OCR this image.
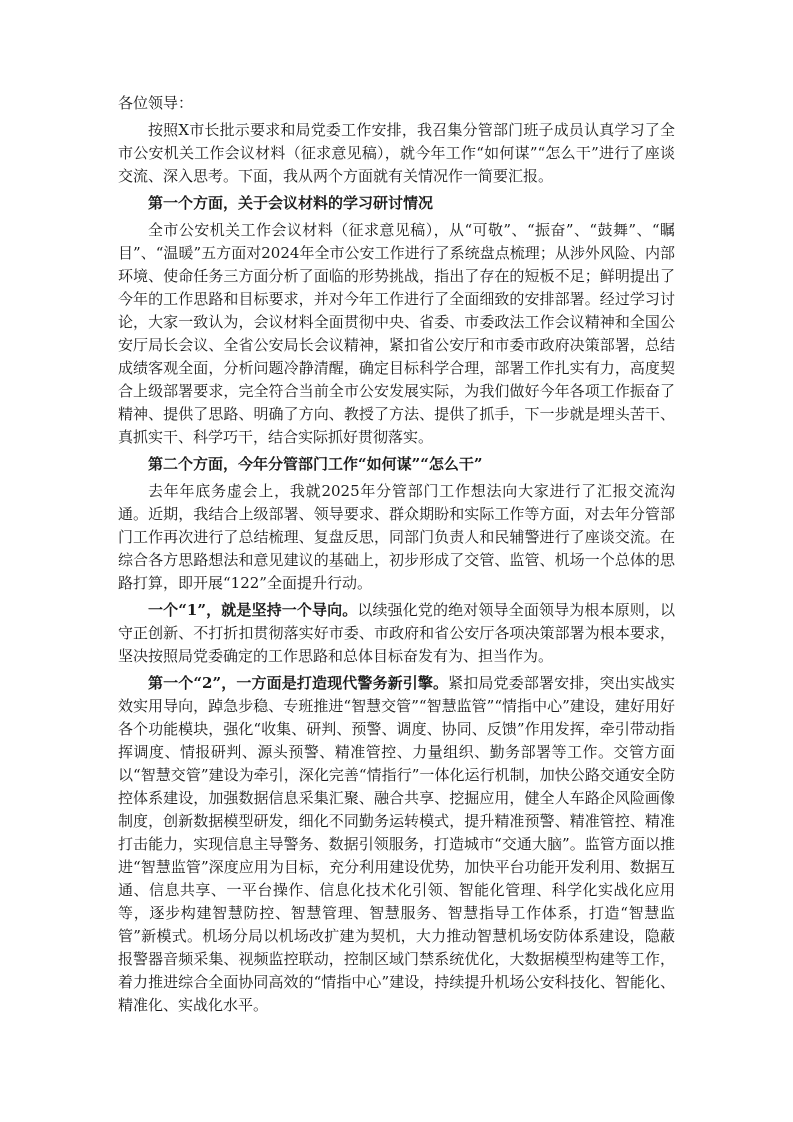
各位领导：

按照X市长批示要求和局党委工作安排，我召集分管部门班子成员认真学习了全市公安机关工作会议材料（征求意见稿），就今年工作“如何谋”“怎么干”进行了座谈交流、深入思考。下面，我从两个方面就有关情况作一简要汇报。

第一个方面，关于会议材料的学习研讨情况

全市公安机关工作会议材料（征求意见稿），从“可敬”、“振奋”、“鼓舞”、“瞩目”、“温暖”五方面对2024年全市公安工作进行了系统盘点梳理；从涉外风险、内部环境、使命任务三方面分析了面临的形势挑战，指出了存在的短板不足；鲜明提出了今年的工作思路和目标要求，并对今年工作进行了全面细致的安排部署。经过学习讨论，大家一致认为，会议材料全面贯彻中央、省委、市委政法工作会议精神和全国公安厅局长会议、全省公安局长会议精神，紧扣省公安厅和市委市政府决策部署，总结成绩客观全面，分析问题冷静清醒，确定目标科学合理，部署工作扎实有力，高度契合上级部署要求，完全符合当前全市公安发展实际，为我们做好今年各项工作振奋了精神、提供了思路、明确了方向、教授了方法、提供了抓手，下一步就是埋头苦干、真抓实干、科学巧干，结合实际抓好贯彻落实。

第二个方面，今年分管部门工作“如何谋”“怎么干”

去年年底务虚会上，我就2025年分管部门工作想法向大家进行了汇报交流沟通。近期，我结合上级部署、领导要求、群众期盼和实际工作等方面，对去年分管部门工作再次进行了总结梳理、复盘反思，同部门负责人和民辅警进行了座谈交流。在综合各方思路想法和意见建议的基础上，初步形成了交管、监管、机场一个总体的思路打算，即开展“122”全面提升行动。

一个“1”，就是坚持一个导向。以续强化党的绝对领导全面领导为根本原则，以守正创新、不打折扣贯彻落实好市委、市政府和省公安厅各项决策部署为根本要求，坚决按照局党委确定的工作思路和总体目标奋发有为、担当作为。

第一个“2”，一方面是打造现代警务新引擎。紧扣局党委部署安排，突出实战实效实用导向，踔急步稳、专班推进“智慧交管”“智慧监管”“情指中心”建设，建好用好各个功能模块，强化“收集、研判、预警、调度、协同、反馈”作用发挥，牵引带动指挥调度、情报研判、源头预警、精准管控、力量组织、勤务部署等工作。交管方面以“智慧交管”建设为牵引，深化完善“情指行”一体化运行机制，加快公路交通安全防控体系建设，加强数据信息采集汇聚、融合共享、挖掘应用，健全人车路企风险画像制度，创新数据模型研发，细化不同勤务运转模式，提升精准预警、精准管控、精准打击能力，实现信息主导警务、数据引领服务，打造城市“交通大脑”。监管方面以推进“智慧监管”深度应用为目标，充分利用建设优势，加快平台功能开发利用、数据互通、信息共享、一平台操作、信息化技术化引领、智能化管理、科学化实战化应用等，逐步构建智慧防控、智慧管理、智慧服务、智慧指导工作体系，打造“智慧监管”新模式。机场分局以机场改扩建为契机，大力推动智慧机场安防体系建设，隐蔽报警器音频采集、视频监控联动，控制区域门禁系统优化，大数据模型构建等工作，着力推进综合全面协同高效的“情指中心”建设，持续提升机场公安科技化、智能化、精准化、实战化水平。
